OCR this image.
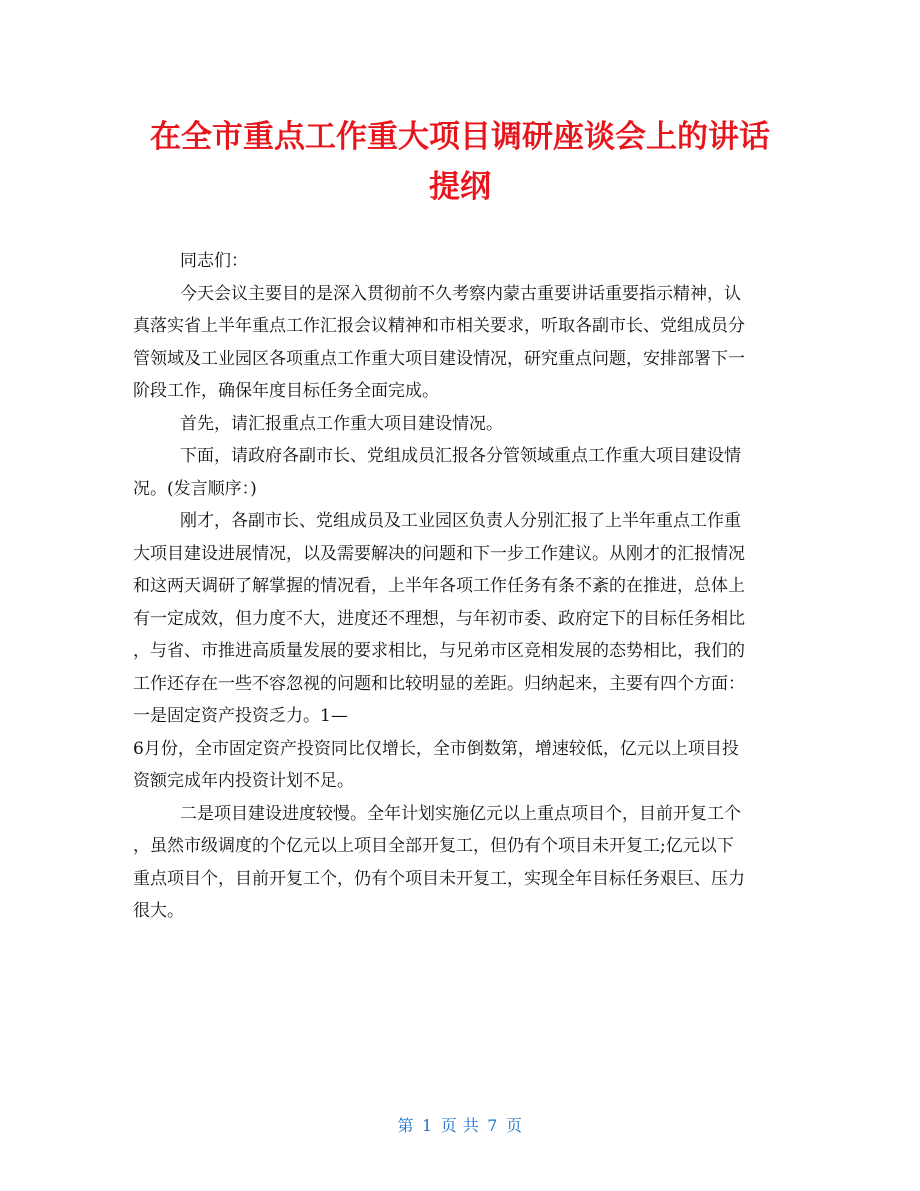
在全市重点工作重大项目调研座谈会上的讲话
提纲

同志们：

今天会议主要目的是深入贯彻前不久考察内蒙古重要讲话重要指示精神，认

真落实省上半年重点工作汇报会议精神和市相关要求，听取各副市长、党组成员分

管领域及工业园区各项重点工作重大项目建设情况，研究重点问题，安排部署下一

阶段工作，确保年度目标任务全面完成。

首先，请汇报重点工作重大项目建设情况。

下面，请政府各副市长、党组成员汇报各分管领域重点工作重大项目建设情

况。(发言顺序：)

刚才，各副市长、党组成员及工业园区负责人分别汇报了上半年重点工作重

大项目建设进展情况，以及需要解决的问题和下一步工作建议。从刚才的汇报情况

和这两天调研了解掌握的情况看，上半年各项工作任务有条不紊的在推进，总体上

有一定成效，但力度不大，进度还不理想，与年初市委、政府定下的目标任务相比

，与省、市推进高质量发展的要求相比，与兄弟市区竞相发展的态势相比，我们的

工作还存在一些不容忽视的问题和比较明显的差距。归纳起来，主要有四个方面：

一是固定资产投资乏力。1—

6月份，全市固定资产投资同比仅增长，全市倒数第，增速较低，亿元以上项目投

资额完成年内投资计划不足。

二是项目建设进度较慢。全年计划实施亿元以上重点项目个，目前开复工个

，虽然市级调度的个亿元以上项目全部开复工，但仍有个项目未开复工;亿元以下

重点项目个，目前开复工个，仍有个项目未开复工，实现全年目标任务艰巨、压力

很大。

第 1 页 共 7 页
